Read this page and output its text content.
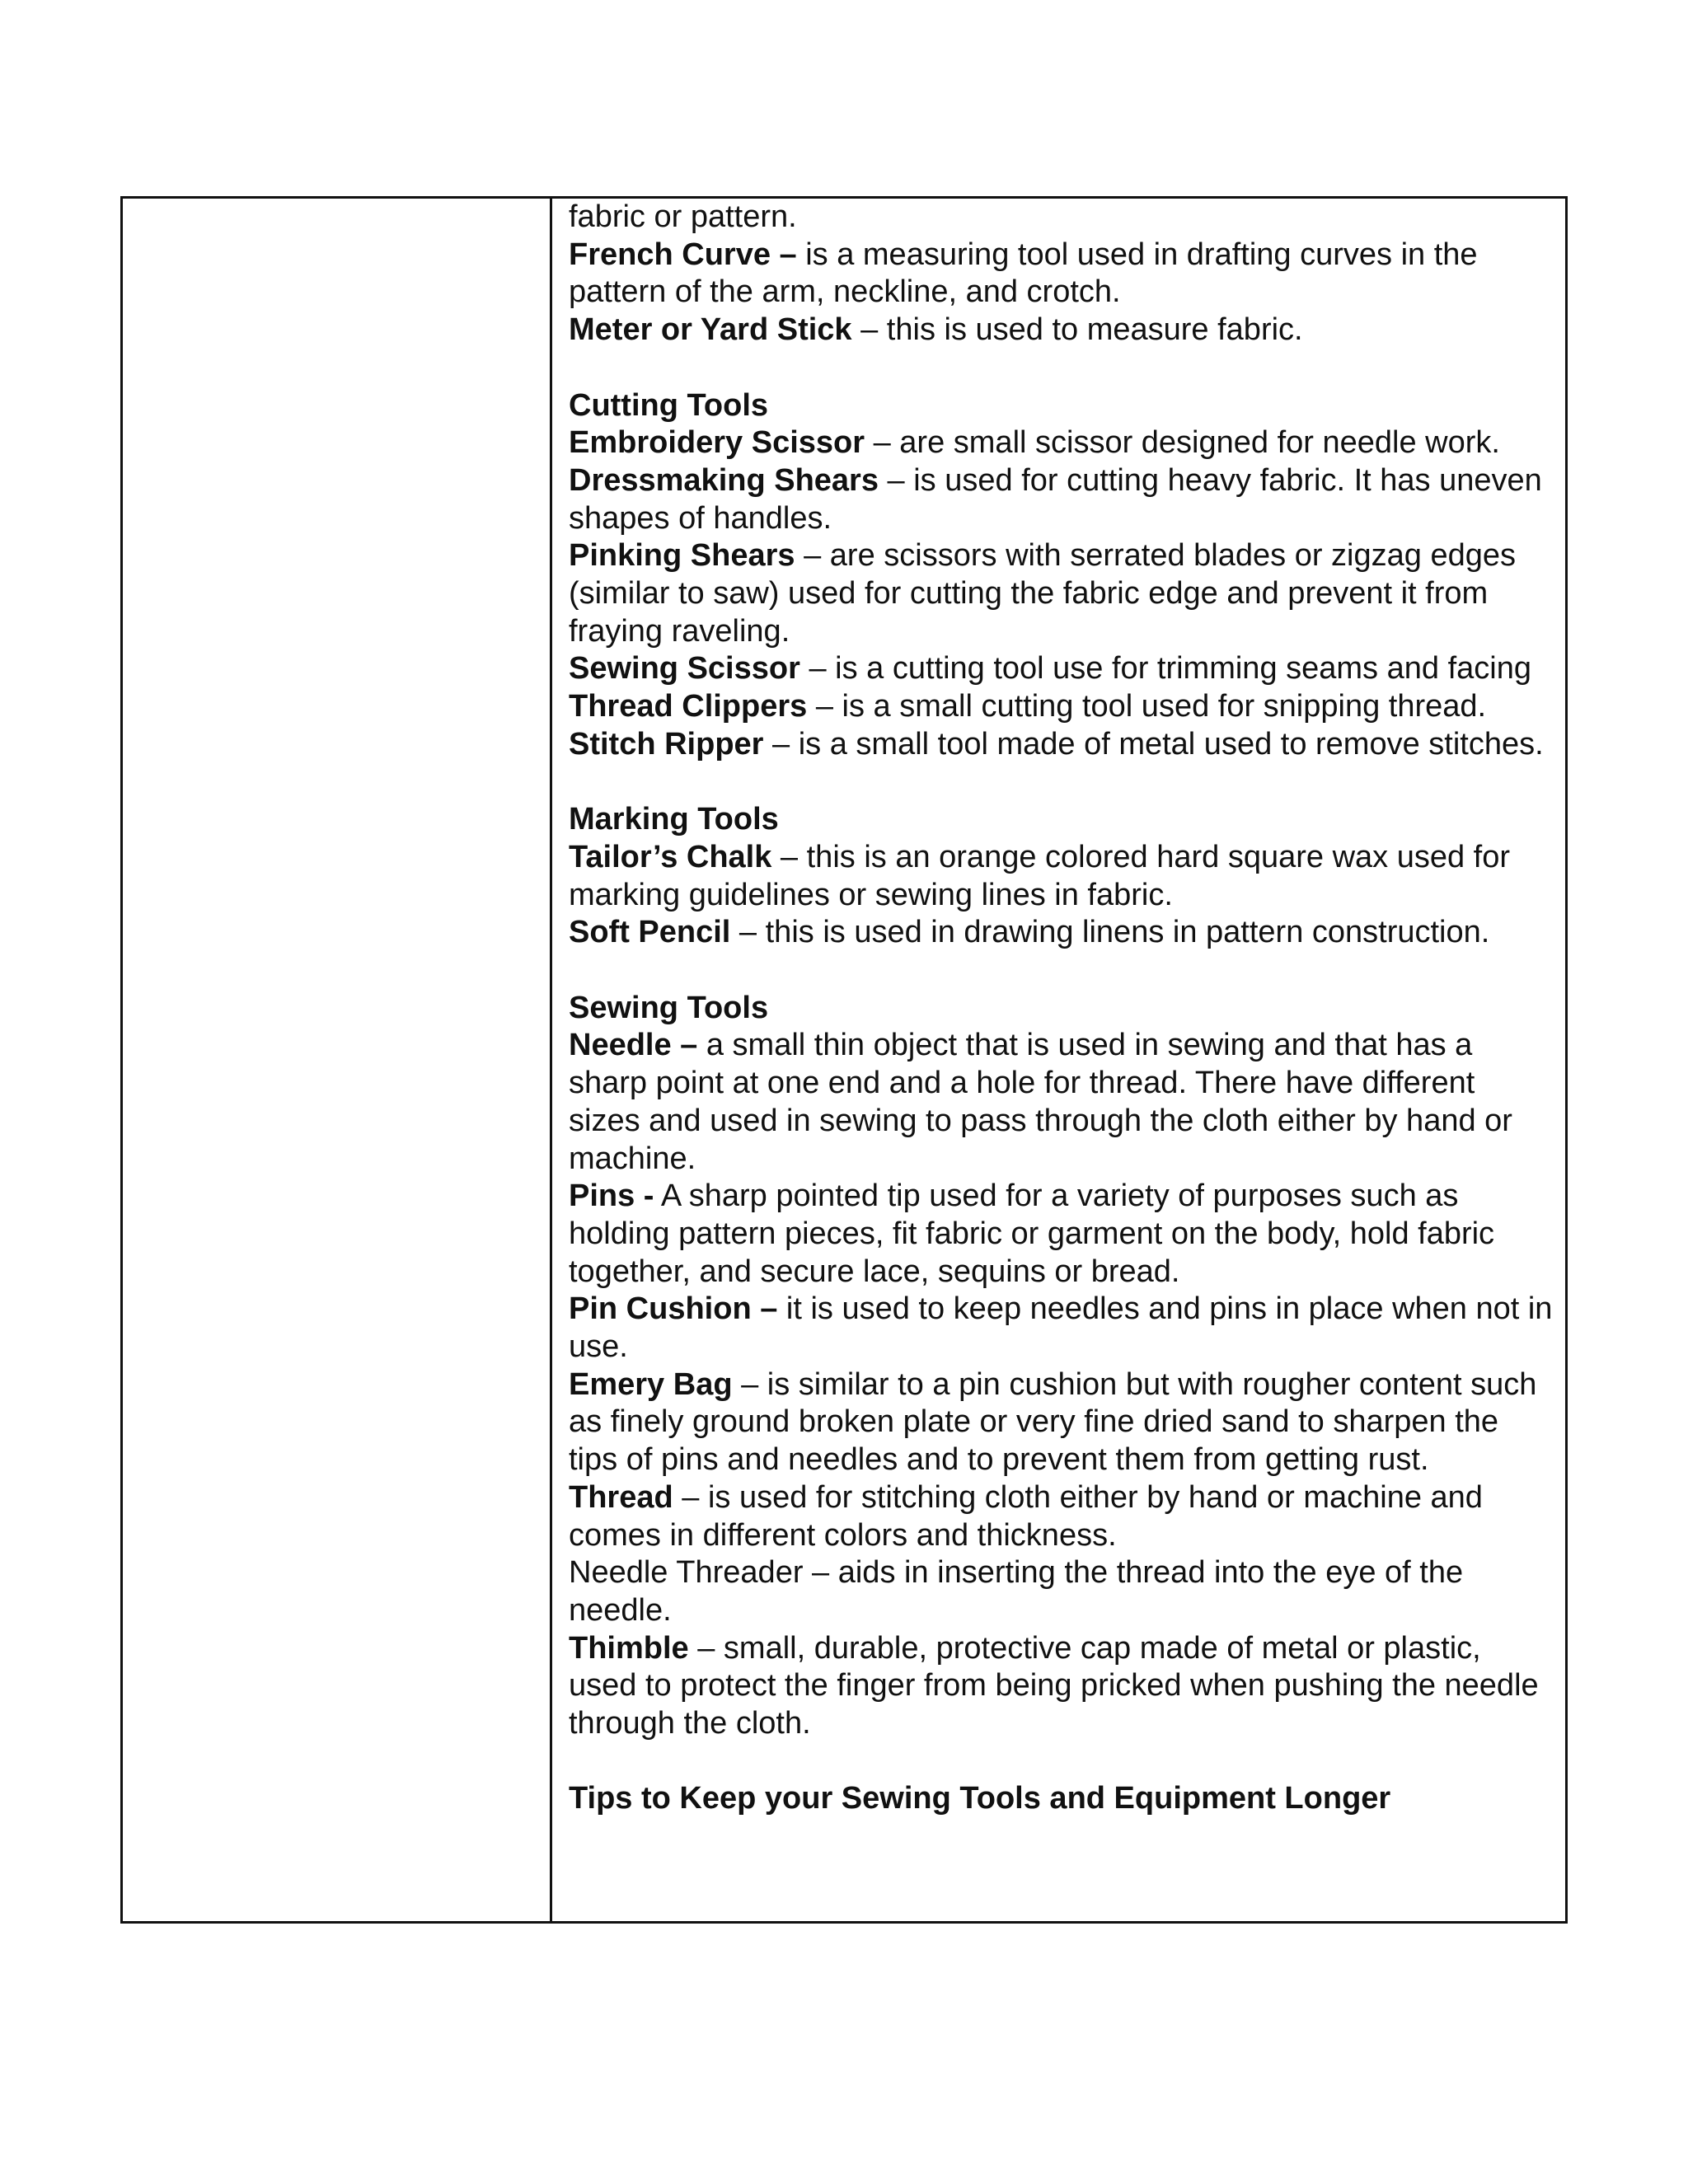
fabric or pattern.

French Curve – is a measuring tool used in drafting curves in the pattern of the arm, neckline, and crotch.

Meter or Yard Stick – this is used to measure fabric.

Cutting Tools

Embroidery Scissor – are small scissor designed for needle work.

Dressmaking Shears – is used for cutting heavy fabric. It has uneven shapes of handles.

Pinking Shears – are scissors with serrated blades or zigzag edges (similar to saw) used for cutting the fabric edge and prevent it from fraying raveling.

Sewing Scissor – is a cutting tool use for trimming seams and facing

Thread Clippers – is a small cutting tool used for snipping thread.

Stitch Ripper – is a small tool made of metal used to remove stitches.

Marking Tools

Tailor’s Chalk – this is an orange colored hard square wax used for marking guidelines or sewing lines in fabric.

Soft Pencil – this is used in drawing linens in pattern construction.

Sewing Tools

Needle – a small thin object that is used in sewing and that has a sharp point at one end and a hole for thread. There have different sizes and used in sewing to pass through the cloth either by hand or machine.

Pins - A sharp pointed tip used for a variety of purposes such as holding pattern pieces, fit fabric or garment on the body, hold fabric together, and secure lace, sequins or bread.

Pin Cushion – it is used to keep needles and pins in place when not in use.

Emery Bag – is similar to a pin cushion but with rougher content such as finely ground broken plate or very fine dried sand to sharpen the tips of pins and needles and to prevent them from getting rust.

Thread – is used for stitching cloth either by hand or machine and comes in different colors and thickness.

Needle Threader – aids in inserting the thread into the eye of the needle.

Thimble – small, durable, protective cap made of metal or plastic, used to protect the finger from being pricked when pushing the needle through the cloth.

Tips to Keep your Sewing Tools and Equipment Longer
